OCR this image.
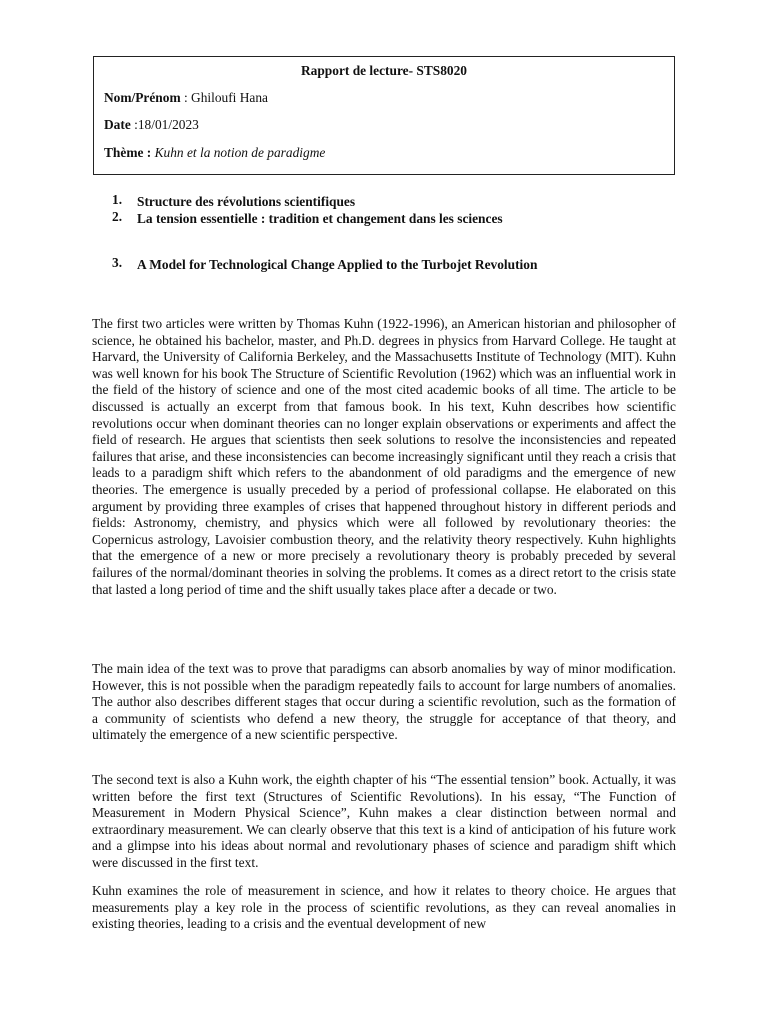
Rapport de lecture- STS8020
Nom/Prénom : Ghiloufi Hana
Date :18/01/2023
Thème : Kuhn et la notion de paradigme
1.	Structure des révolutions scientifiques
2.	La tension essentielle : tradition et changement dans les sciences
3.	A Model for Technological Change Applied to the Turbojet Revolution

The first two articles were written by Thomas Kuhn (1922-1996), an American historian and philosopher of science, he obtained his bachelor, master, and Ph.D. degrees in physics from Harvard College. He taught at Harvard, the University of California Berkeley, and the Massachusetts Institute of Technology (MIT). Kuhn was well known for his book The Structure of Scientific Revolution (1962) which was an influential work in the field of the history of science and one of the most cited academic books of all time. The article to be discussed is actually an excerpt from that famous book. In his text, Kuhn describes how scientific revolutions occur when dominant theories can no longer explain observations or experiments and affect the field of research. He argues that scientists then seek solutions to resolve the inconsistencies and repeated failures that arise, and these inconsistencies can become increasingly significant until they reach a crisis that leads to a paradigm shift which refers to the abandonment of old paradigms and the emergence of new theories. The emergence is usually preceded by a period of professional collapse. He elaborated on this argument by providing three examples of crises that happened throughout history in different periods and fields: Astronomy, chemistry, and physics which were all followed by revolutionary theories: the Copernicus astrology, Lavoisier combustion theory, and the relativity theory respectively. Kuhn highlights that the emergence of a new or more precisely a revolutionary theory is probably preceded by several failures of the normal/dominant theories in solving the problems. It comes as a direct retort to the crisis state that lasted a long period of time and the shift usually takes place after a decade or two.

The main idea of the text was to prove that paradigms can absorb anomalies by way of minor modification. However, this is not possible when the paradigm repeatedly fails to account for large numbers of anomalies. The author also describes different stages that occur during a scientific revolution, such as the formation of a community of scientists who defend a new theory, the struggle for acceptance of that theory, and ultimately the emergence of a new scientific perspective.

The second text is also a Kuhn work, the eighth chapter of his “The essential tension” book. Actually, it was written before the first text (Structures of Scientific Revolutions). In his essay, “The Function of Measurement in Modern Physical Science”, Kuhn makes a clear distinction between normal and extraordinary measurement. We can clearly observe that this text is a kind of anticipation of his future work and a glimpse into his ideas about normal and revolutionary phases of science and paradigm shift which were discussed in the first text.

Kuhn examines the role of measurement in science, and how it relates to theory choice. He argues that measurements play a key role in the process of scientific revolutions, as they can reveal anomalies in existing theories, leading to a crisis and the eventual development of new
